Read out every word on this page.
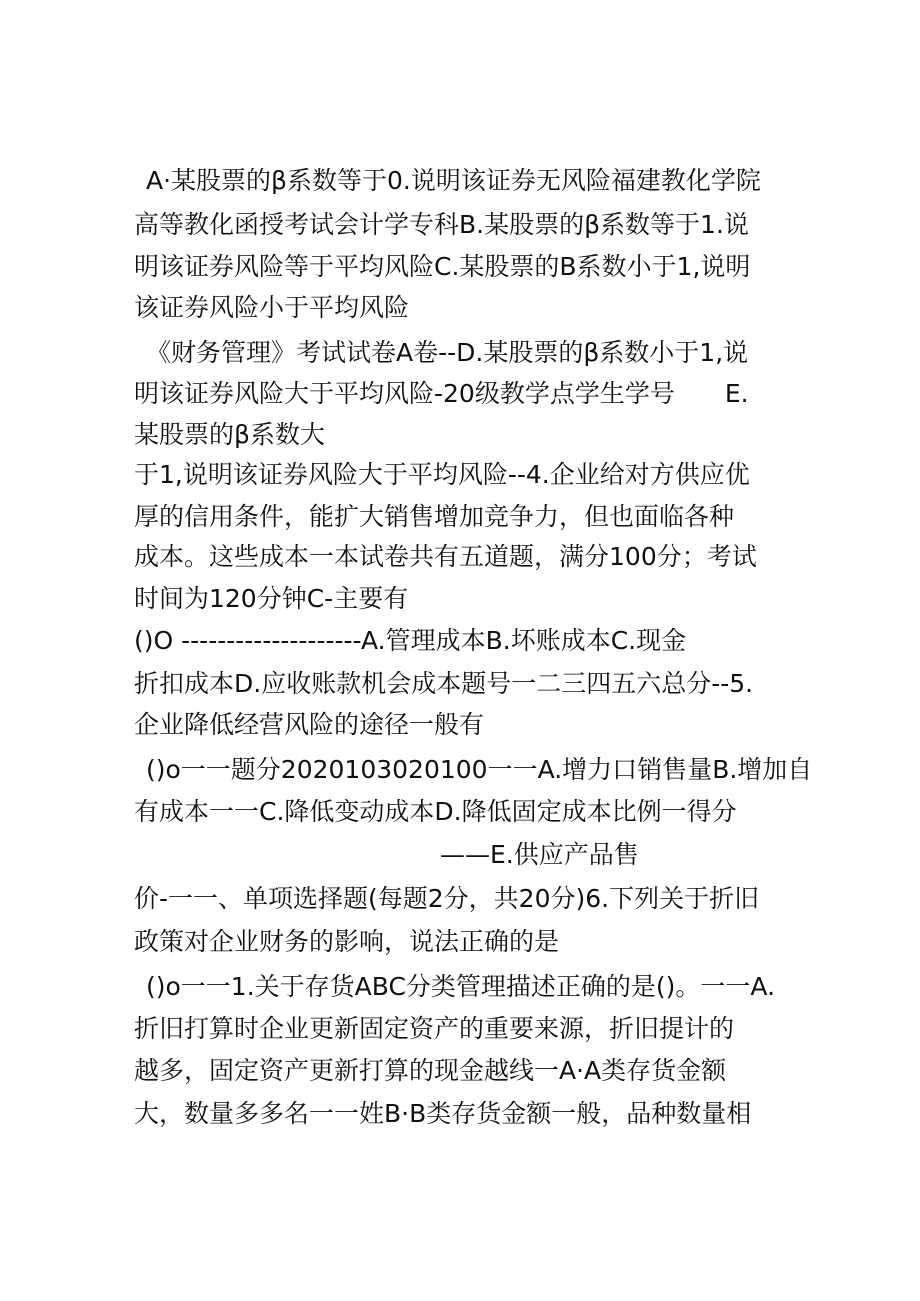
A·某股票的β系数等于0.说明该证券无风险福建教化学院
高等教化函授考试会计学专科B.某股票的β系数等于1.说
明该证券风险等于平均风险C.某股票的B系数小于1,说明
该证券风险小于平均风险
《财务管理》考试试卷A卷--D.某股票的β系数小于1,说
明该证券风险大于平均风险-20级教学点学生学号　　E.
某股票的β系数大
于1,说明该证券风险大于平均风险--4.企业给对方供应优
厚的信用条件，能扩大销售增加竞争力，但也面临各种
成本。这些成本一本试卷共有五道题，满分100分；考试
时间为120分钟C-主要有
()O --------------------A.管理成本B.坏账成本C.现金
折扣成本D.应收账款机会成本题号一二三四五六总分--5.
企业降低经营风险的途径一般有
()o一一题分2020103020100一一A.增力口销售量B.增加自
有成本一一C.降低变动成本D.降低固定成本比例一得分
——E.供应产品售
价-一一、单项选择题(每题2分，共20分)6.下列关于折旧
政策对企业财务的影响，说法正确的是
()o一一1.关于存货ABC分类管理描述正确的是()。一一A.
折旧打算时企业更新固定资产的重要来源，折旧提计的
越多，固定资产更新打算的现金越线一A·A类存货金额
大，数量多多名一一姓B·B类存货金额一般，品种数量相
